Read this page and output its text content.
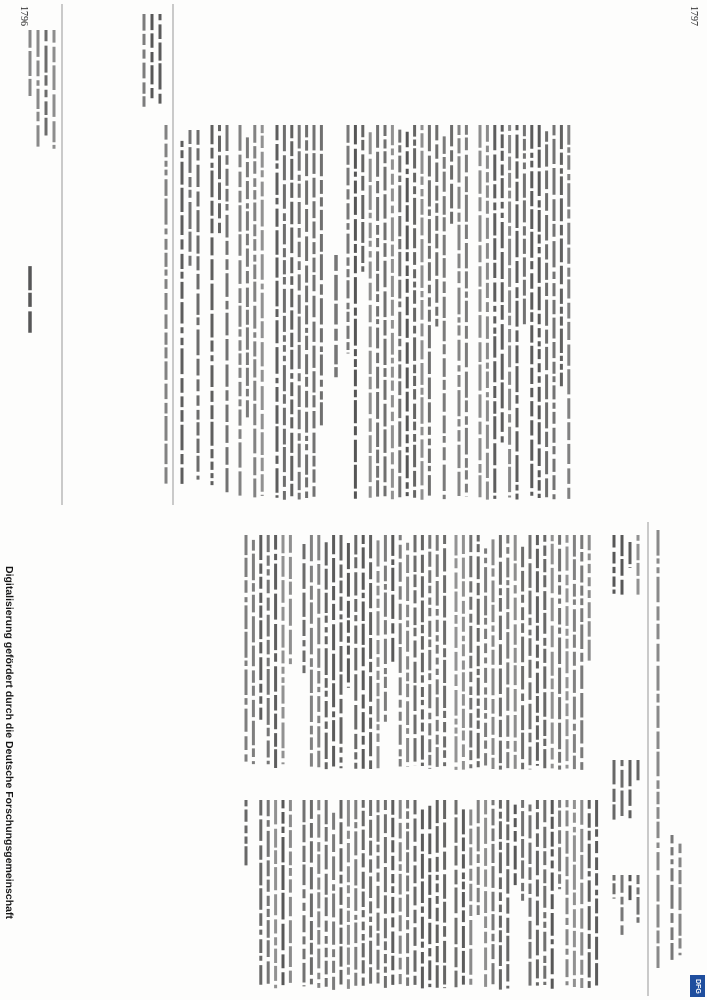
1796	1797
Digitalisierung gefördert durch die Deutsche Forschungsgemeinschaft
DFG
